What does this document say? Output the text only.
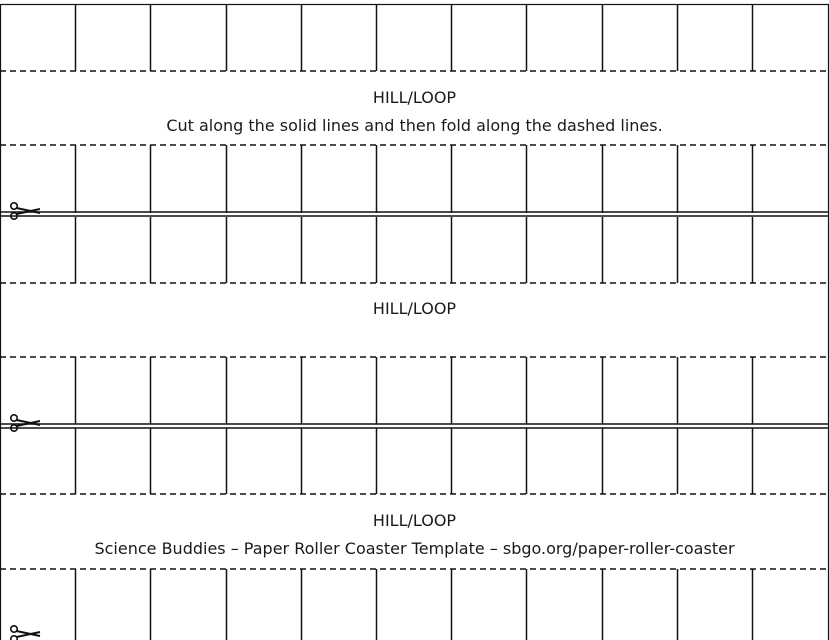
HILL/LOOP
Cut along the solid lines and then fold along the dashed lines.
HILL/LOOP
HILL/LOOP
Science Buddies – Paper Roller Coaster Template – sbgo.org/paper-roller-coaster
